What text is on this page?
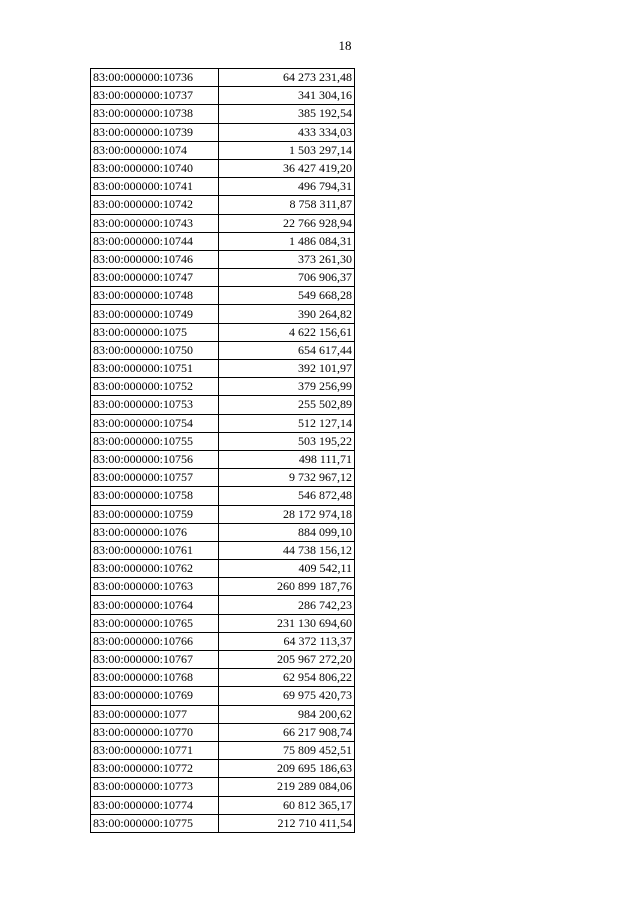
18
83:00:000000:10736	64 273 231,48
83:00:000000:10737	341 304,16
83:00:000000:10738	385 192,54
83:00:000000:10739	433 334,03
83:00:000000:1074	1 503 297,14
83:00:000000:10740	36 427 419,20
83:00:000000:10741	496 794,31
83:00:000000:10742	8 758 311,87
83:00:000000:10743	22 766 928,94
83:00:000000:10744	1 486 084,31
83:00:000000:10746	373 261,30
83:00:000000:10747	706 906,37
83:00:000000:10748	549 668,28
83:00:000000:10749	390 264,82
83:00:000000:1075	4 622 156,61
83:00:000000:10750	654 617,44
83:00:000000:10751	392 101,97
83:00:000000:10752	379 256,99
83:00:000000:10753	255 502,89
83:00:000000:10754	512 127,14
83:00:000000:10755	503 195,22
83:00:000000:10756	498 111,71
83:00:000000:10757	9 732 967,12
83:00:000000:10758	546 872,48
83:00:000000:10759	28 172 974,18
83:00:000000:1076	884 099,10
83:00:000000:10761	44 738 156,12
83:00:000000:10762	409 542,11
83:00:000000:10763	260 899 187,76
83:00:000000:10764	286 742,23
83:00:000000:10765	231 130 694,60
83:00:000000:10766	64 372 113,37
83:00:000000:10767	205 967 272,20
83:00:000000:10768	62 954 806,22
83:00:000000:10769	69 975 420,73
83:00:000000:1077	984 200,62
83:00:000000:10770	66 217 908,74
83:00:000000:10771	75 809 452,51
83:00:000000:10772	209 695 186,63
83:00:000000:10773	219 289 084,06
83:00:000000:10774	60 812 365,17
83:00:000000:10775	212 710 411,54
